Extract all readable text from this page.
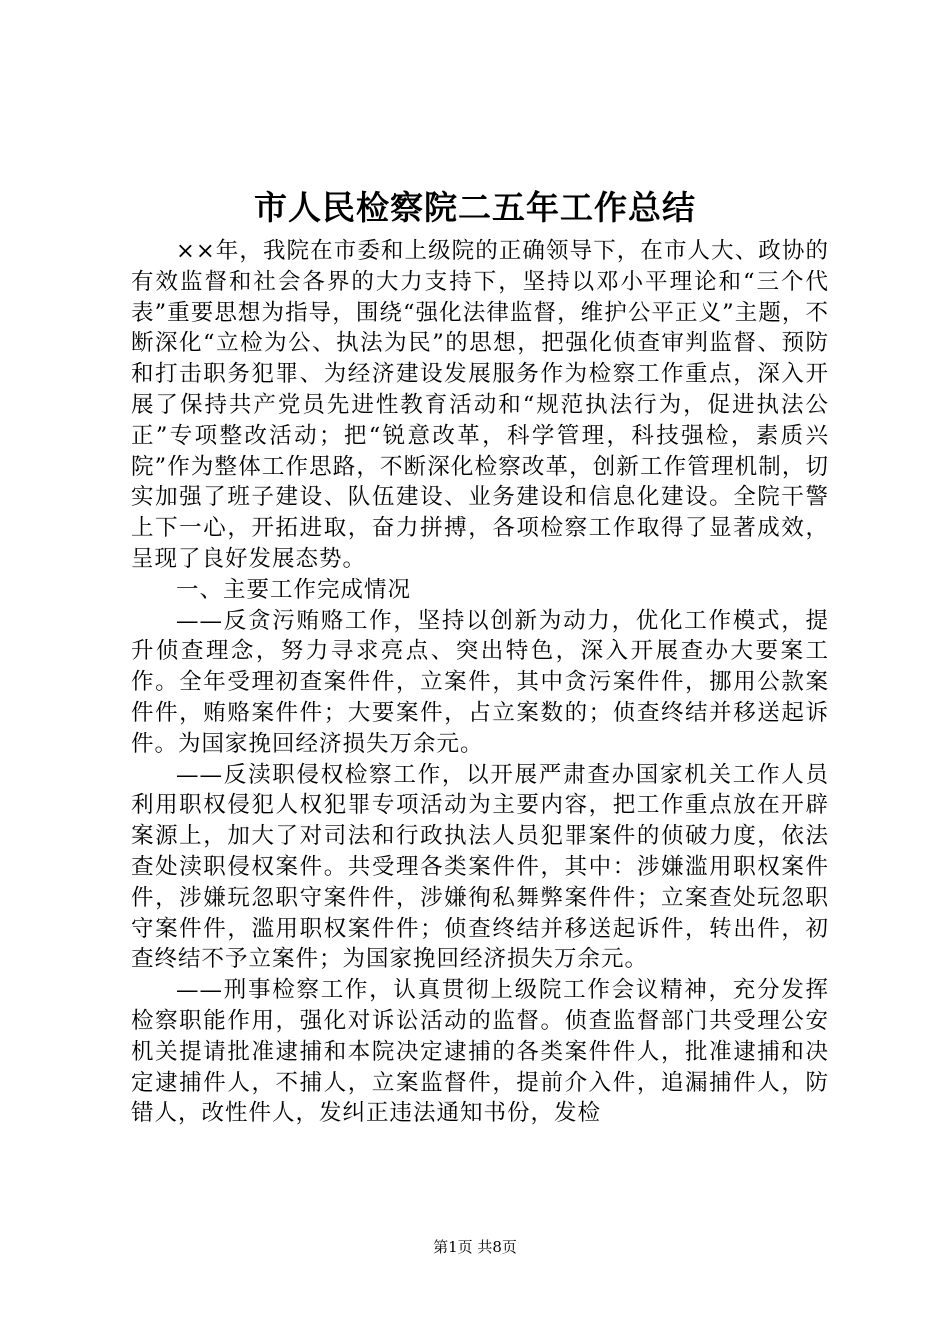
市人民检察院二五年工作总结

××年，我院在市委和上级院的正确领导下，在市人大、政协的有效监督和社会各界的大力支持下，坚持以邓小平理论和“三个代表”重要思想为指导，围绕“强化法律监督，维护公平正义”主题，不断深化“立检为公、执法为民”的思想，把强化侦查审判监督、预防和打击职务犯罪、为经济建设发展服务作为检察工作重点，深入开展了保持共产党员先进性教育活动和“规范执法行为，促进执法公正”专项整改活动；把“锐意改革，科学管理，科技强检，素质兴院”作为整体工作思路，不断深化检察改革，创新工作管理机制，切实加强了班子建设、队伍建设、业务建设和信息化建设。全院干警上下一心，开拓进取，奋力拼搏，各项检察工作取得了显著成效，呈现了良好发展态势。

一、主要工作完成情况

——反贪污贿赂工作，坚持以创新为动力，优化工作模式，提升侦查理念，努力寻求亮点、突出特色，深入开展查办大要案工作。全年受理初查案件件，立案件，其中贪污案件件，挪用公款案件件，贿赂案件件；大要案件，占立案数的；侦查终结并移送起诉件。为国家挽回经济损失万余元。

——反渎职侵权检察工作，以开展严肃查办国家机关工作人员利用职权侵犯人权犯罪专项活动为主要内容，把工作重点放在开辟案源上，加大了对司法和行政执法人员犯罪案件的侦破力度，依法查处渎职侵权案件。共受理各类案件件，其中：涉嫌滥用职权案件件，涉嫌玩忽职守案件件，涉嫌徇私舞弊案件件；立案查处玩忽职守案件件，滥用职权案件件；侦查终结并移送起诉件，转出件，初查终结不予立案件；为国家挽回经济损失万余元。

——刑事检察工作，认真贯彻上级院工作会议精神，充分发挥检察职能作用，强化对诉讼活动的监督。侦查监督部门共受理公安机关提请批准逮捕和本院决定逮捕的各类案件件人，批准逮捕和决定逮捕件人，不捕人，立案监督件，提前介入件，追漏捕件人，防错人，改性件人，发纠正违法通知书份，发检

第1页 共8页
